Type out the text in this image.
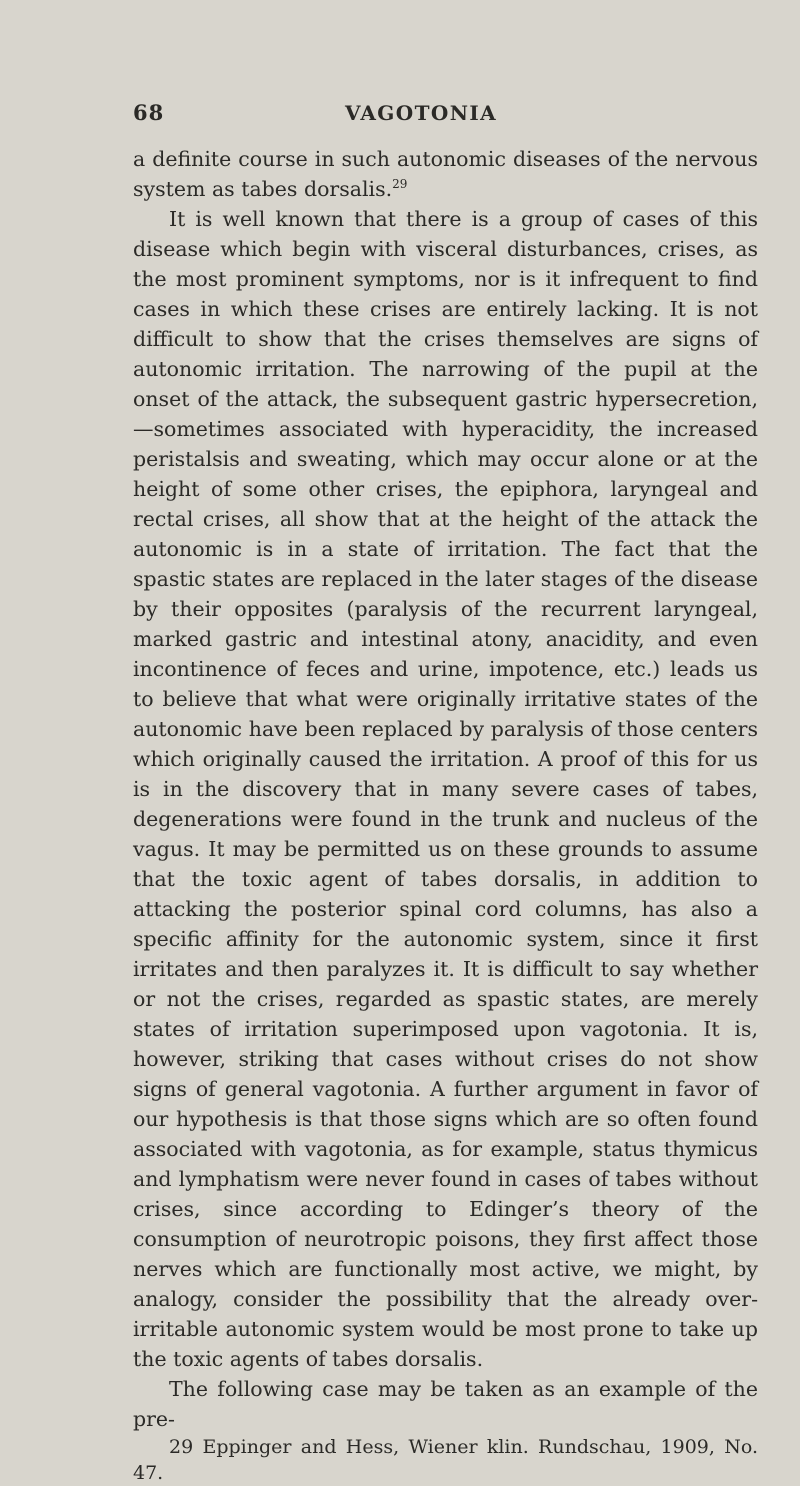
68	VAGOTONIA

a definite course in such autonomic diseases of the nervous system as tabes dorsalis.$^{29}$

It is well known that there is a group of cases of this disease which begin with visceral disturbances, crises, as the most prominent symptoms, nor is it infrequent to find cases in which these crises are entirely lacking. It is not difficult to show that the crises themselves are signs of autonomic irritation. The narrowing of the pupil at the onset of the attack, the subsequent gastric hypersecretion,—sometimes associated with hyperacidity, the increased peristalsis and sweating, which may occur alone or at the height of some other crises, the epiphora, laryngeal and rectal crises, all show that at the height of the attack the autonomic is in a state of irritation. The fact that the spastic states are replaced in the later stages of the disease by their opposites (paralysis of the recurrent laryngeal, marked gastric and intestinal atony, anacidity, and even incontinence of feces and urine, impotence, etc.) leads us to believe that what were originally irritative states of the autonomic have been replaced by paralysis of those centers which originally caused the irritation. A proof of this for us is in the discovery that in many severe cases of tabes, degenerations were found in the trunk and nucleus of the vagus. It may be permitted us on these grounds to assume that the toxic agent of tabes dorsalis, in addition to attacking the posterior spinal cord columns, has also a specific affinity for the autonomic system, since it first irritates and then paralyzes it. It is difficult to say whether or not the crises, regarded as spastic states, are merely states of irritation superimposed upon vagotonia. It is, however, striking that cases without crises do not show signs of general vagotonia. A further argument in favor of our hypothesis is that those signs which are so often found associated with vagotonia, as for example, status thymicus and lymphatism were never found in cases of tabes without crises, since according to Edinger’s theory of the consumption of neurotropic poisons, they first affect those nerves which are functionally most active, we might, by analogy, consider the possibility that the already over-irritable autonomic system would be most prone to take up the toxic agents of tabes dorsalis.

The following case may be taken as an example of the pre-

29 Eppinger and Hess, Wiener klin. Rundschau, 1909, No. 47.
